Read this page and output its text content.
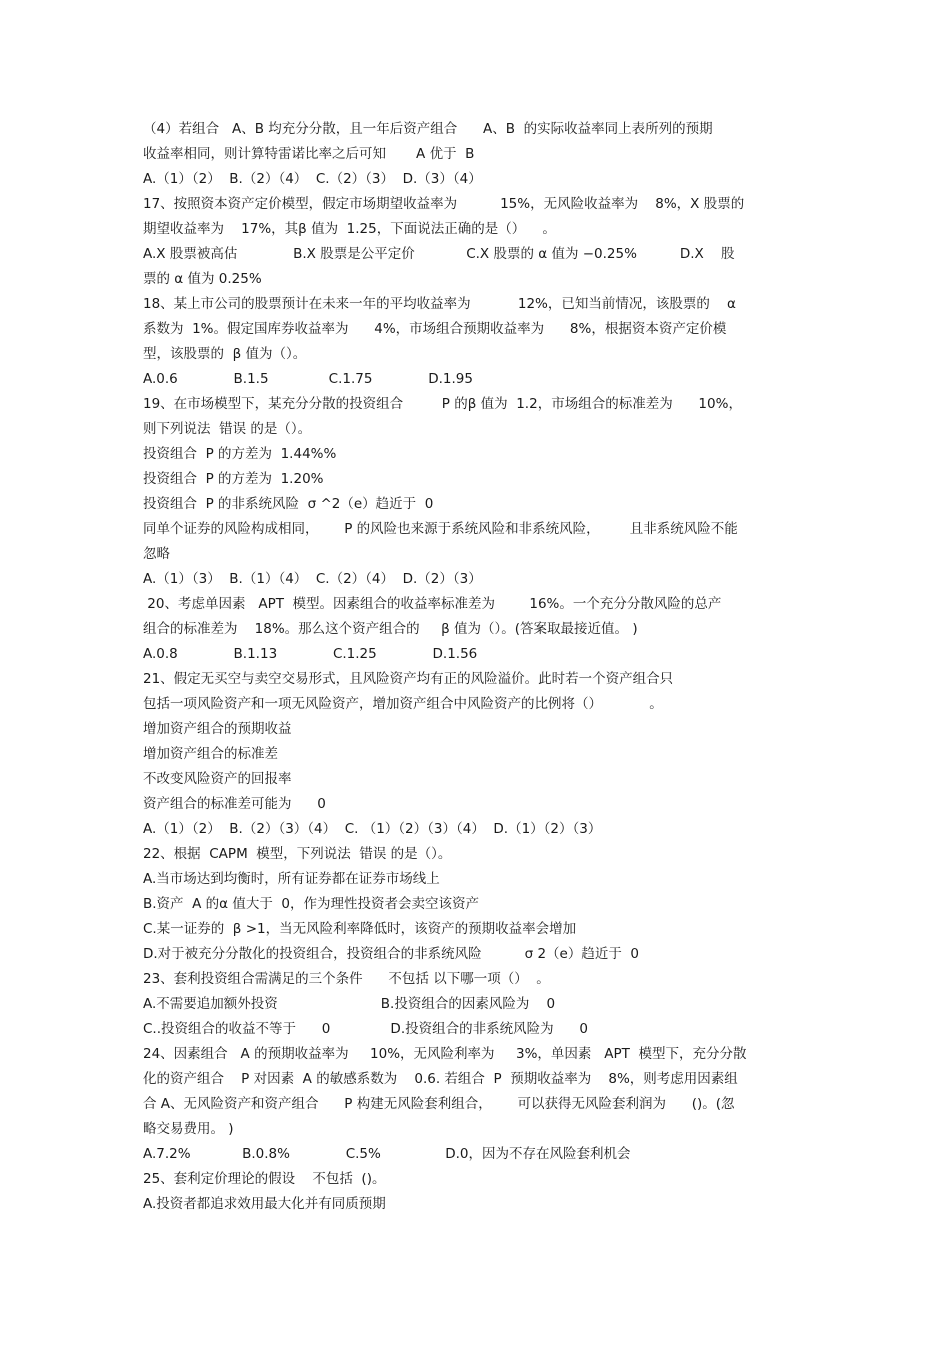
（4）若组合   A、B 均充分分散，且一年后资产组合      A、B  的实际收益率同上表所列的预期
收益率相同，则计算特雷诺比率之后可知       A 优于  B
A.（1）（2）  B.（2）（4）  C.（2）（3）  D.（3）（4）
17、按照资本资产定价模型，假定市场期望收益率为          15%，无风险收益率为    8%，X 股票的
期望收益率为    17%，其β 值为  1.25，下面说法正确的是（）    。
A.X 股票被高估             B.X 股票是公平定价            C.X 股票的 α 值为 −0.25%          D.X    股
票的 α 值为 0.25%
18、某上市公司的股票预计在未来一年的平均收益率为           12%，已知当前情况，该股票的    α
系数为  1%。假定国库券收益率为      4%，市场组合预期收益率为      8%，根据资本资产定价模
型，该股票的  β 值为（）。
A.0.6             B.1.5              C.1.75             D.1.95
19、在市场模型下，某充分分散的投资组合         P 的β 值为  1.2，市场组合的标准差为      10%，
则下列说法  错误 的是（）。
投资组合  P 的方差为  1.44%%
投资组合  P 的方差为  1.20%
投资组合  P 的非系统风险  σ ^2（e）趋近于  0
同单个证券的风险构成相同，      P 的风险也来源于系统风险和非系统风险，       且非系统风险不能
忽略
A.（1）（3）  B.（1）（4）  C.（2）（4）  D.（2）（3）
20、考虑单因素   APT  模型。因素组合的收益率标准差为        16%。一个充分分散风险的总产
组合的标准差为    18%。那么这个资产组合的     β 值为（）。(答案取最接近值。 )
A.0.8             B.1.13             C.1.25             D.1.56
21、假定无买空与卖空交易形式，且风险资产均有正的风险溢价。此时若一个资产组合只
包括一项风险资产和一项无风险资产，增加资产组合中风险资产的比例将（）           。
增加资产组合的预期收益
增加资产组合的标准差
不改变风险资产的回报率
资产组合的标准差可能为      0
A.（1）（2）  B.（2）（3）（4）  C. （1）（2）（3）（4）  D.（1）（2）（3）
22、根据  CAPM  模型，下列说法  错误 的是（）。
A.当市场达到均衡时，所有证券都在证券市场线上
B.资产  A 的α 值大于  0，作为理性投资者会卖空该资产
C.某一证券的  β >1，当无风险利率降低时，该资产的预期收益率会增加
D.对于被充分分散化的投资组合，投资组合的非系统风险          σ 2（e）趋近于  0
23、套利投资组合需满足的三个条件      不包括 以下哪一项（）  。
A.不需要追加额外投资                        B.投资组合的因素风险为    0
C..投资组合的收益不等于      0              D.投资组合的非系统风险为      0
24、因素组合   A 的预期收益率为     10%，无风险利率为     3%，单因素   APT  模型下，充分分散
化的资产组合    P 对因素  A 的敏感系数为    0.6. 若组合  P  预期收益率为    8%，则考虑用因素组
合 A、无风险资产和资产组合      P 构建无风险套利组合，      可以获得无风险套利润为      ()。(忽
略交易费用。 )
A.7.2%            B.0.8%             C.5%               D.0，因为不存在风险套利机会
25、套利定价理论的假设    不包括  ()。
A.投资者都追求效用最大化并有同质预期
